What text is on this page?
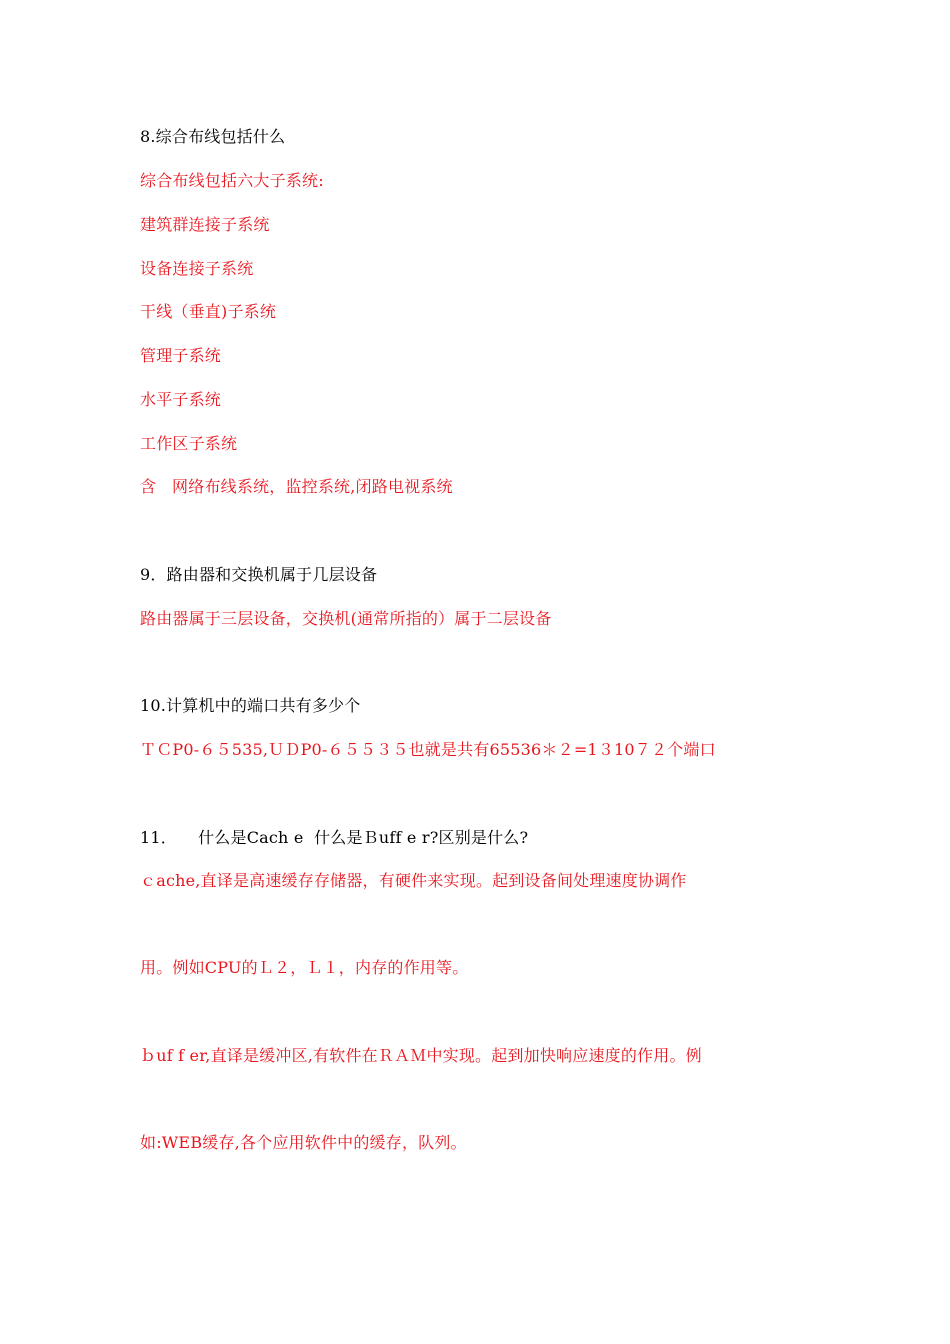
8.综合布线包括什么
综合布线包括六大子系统:
建筑群连接子系统
设备连接子系统
干线（垂直)子系统
管理子系统
水平子系统
工作区子系统
含   网络布线系统，监控系统,闭路电视系统
9．路由器和交换机属于几层设备
路由器属于三层设备，交换机(通常所指的）属于二层设备
10.计算机中的端口共有多少个
ＴＣP0-６５535,ＵＤP0-６５５３５也就是共有65536＊２=1３10７２个端口
11．    什么是Cach e  什么是Ｂuff e r?区别是什么?
ｃache,直译是高速缓存存储器，有硬件来实现。起到设备间处理速度协调作
用。例如CPU的Ｌ２，Ｌ１，内存的作用等。
ｂuf f er,直译是缓冲区,有软件在ＲＡＭ中实现。起到加快响应速度的作用。例
如:WEB缓存,各个应用软件中的缓存，队列。
